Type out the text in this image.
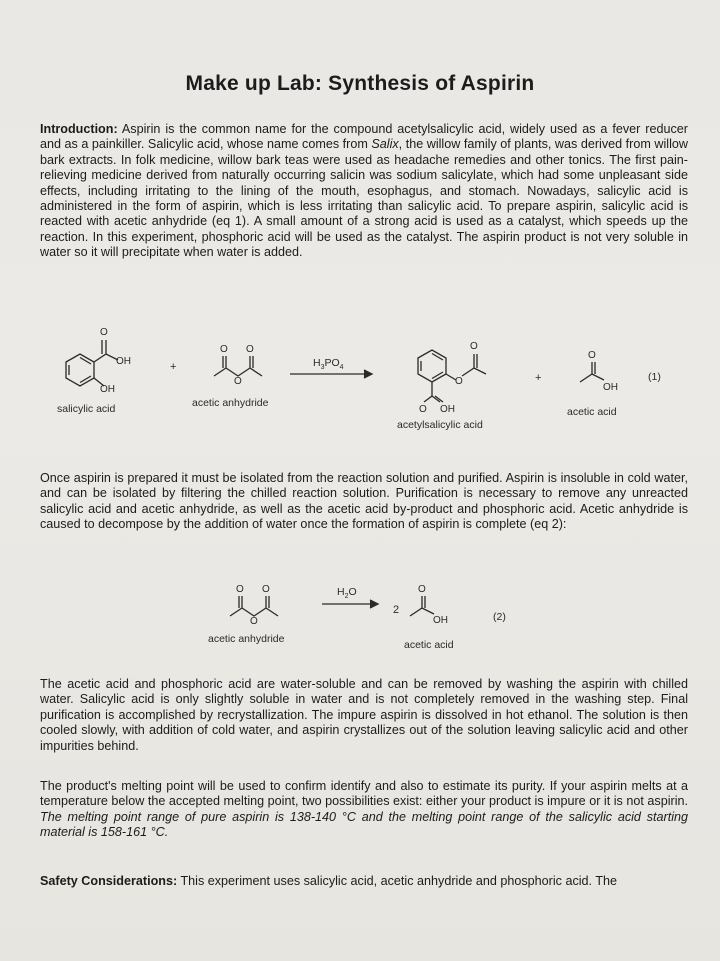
Make up Lab: Synthesis of Aspirin
Introduction: Aspirin is the common name for the compound acetylsalicylic acid, widely used as a fever reducer and as a painkiller. Salicylic acid, whose name comes from Salix, the willow family of plants, was derived from willow bark extracts. In folk medicine, willow bark teas were used as headache remedies and other tonics. The first pain-relieving medicine derived from naturally occurring salicin was sodium salicylate, which had some unpleasant side effects, including irritating to the lining of the mouth, esophagus, and stomach. Nowadays, salicylic acid is administered in the form of aspirin, which is less irritating than salicylic acid. To prepare aspirin, salicylic acid is reacted with acetic anhydride (eq 1). A small amount of a strong acid is used as a catalyst, which speeds up the reaction. In this experiment, phosphoric acid will be used as the catalyst. The aspirin product is not very soluble in water so it will precipitate when water is added.
O
OH
OH
+
O O
O
$H_3PO_4$
O
O
O OH
+
O
OH
(1)
salicylic acid	acetic anhydride
acetylsalicylic acid
acetic acid
Once aspirin is prepared it must be isolated from the reaction solution and purified. Aspirin is insoluble in cold water, and can be isolated by filtering the chilled reaction solution. Purification is necessary to remove any unreacted salicylic acid and acetic anhydride, as well as the acetic acid by-product and phosphoric acid. Acetic anhydride is caused to decompose by the addition of water once the formation of aspirin is complete (eq 2):
O O
O
$H_2O$
2
O
OH	(2)
acetic anhydride	acetic acid
The acetic acid and phosphoric acid are water-soluble and can be removed by washing the aspirin with chilled water. Salicylic acid is only slightly soluble in water and is not completely removed in the washing step. Final purification is accomplished by recrystallization. The impure aspirin is dissolved in hot ethanol. The solution is then cooled slowly, with addition of cold water, and aspirin crystallizes out of the solution leaving salicylic acid and other impurities behind.
The product's melting point will be used to confirm identify and also to estimate its purity. If your aspirin melts at a temperature below the accepted melting point, two possibilities exist: either your product is impure or it is not aspirin. The melting point range of pure aspirin is 138-140 °C and the melting point range of the salicylic acid starting material is 158-161 °C.
Safety Considerations: This experiment uses salicylic acid, acetic anhydride and phosphoric acid. The
